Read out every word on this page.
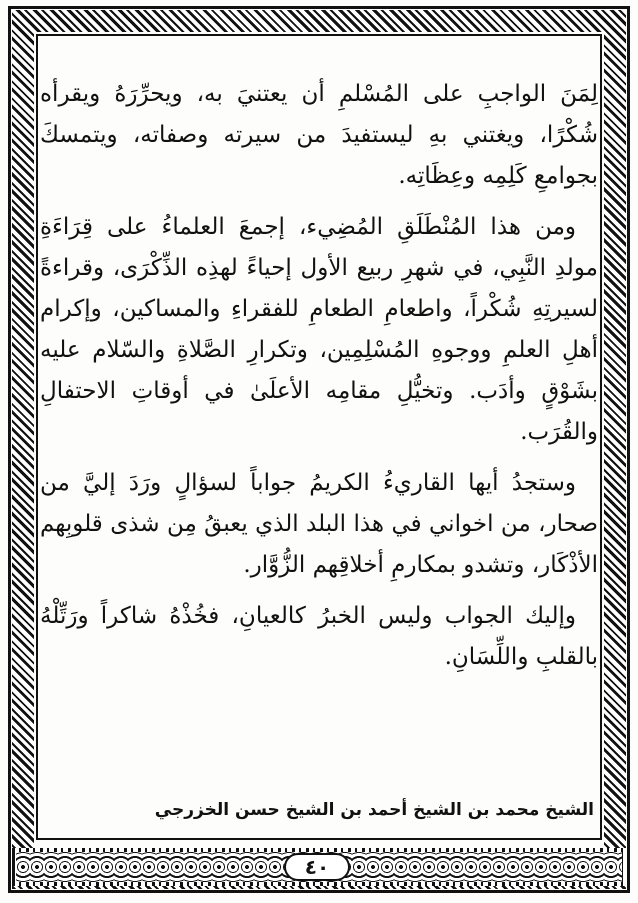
لِمَنَ الواجبِ على المُسْلمِ أن يعتنيَ به، ويحرِّرَهُ ويقرأه شُكْرًا، ويغتني بهِ ليستفيدَ من سيرته وصفاته، ويتمسكَ بجوامعِ كَلِمِه وعِظَاتِه.

ومن هذا المُنْطَلَقِ المُضِيء، إجمعَ العلماءُ على قِرَاءَةِ مولدِ النَّبِي، في شهرِ ربيع الأول إحياءً لهذِه الذِّكْرَى، وقراءةً لسيرتِهِ شُكْراً، واطعامِ الطعامِ للفقراءِ والمساكين، وإكرام أهلِ العلمِ ووجوهِ المُسْلِمِين، وتكرارِ الصَّلاةِ والسّلام عليه بشَوْقٍ وأدَب. وتخيُّلِ مقامِه الأعلَىٰ في أوقاتِ الاحتفالِ والقُرَب.

وستجدُ أيها القاريءُ الكريمُ جواباً لسؤالٍ ورَدَ إليَّ من صحار، من اخواني في هذا البلد الذي يعبقُ مِن شذى قلوبِهم الأذْكَار، وتشدو بمكارمِ أخلاقِهم الزُّوَّار.

وإليك الجواب وليس الخبرُ كالعيانِ، فخُذْهُ شاكراً ورَتِّلْهُ بالقلبِ واللِّسَانِ.

الشيخ محمد بن الشيخ أحمد بن الشيخ حسن الخزرجي
٤٠
